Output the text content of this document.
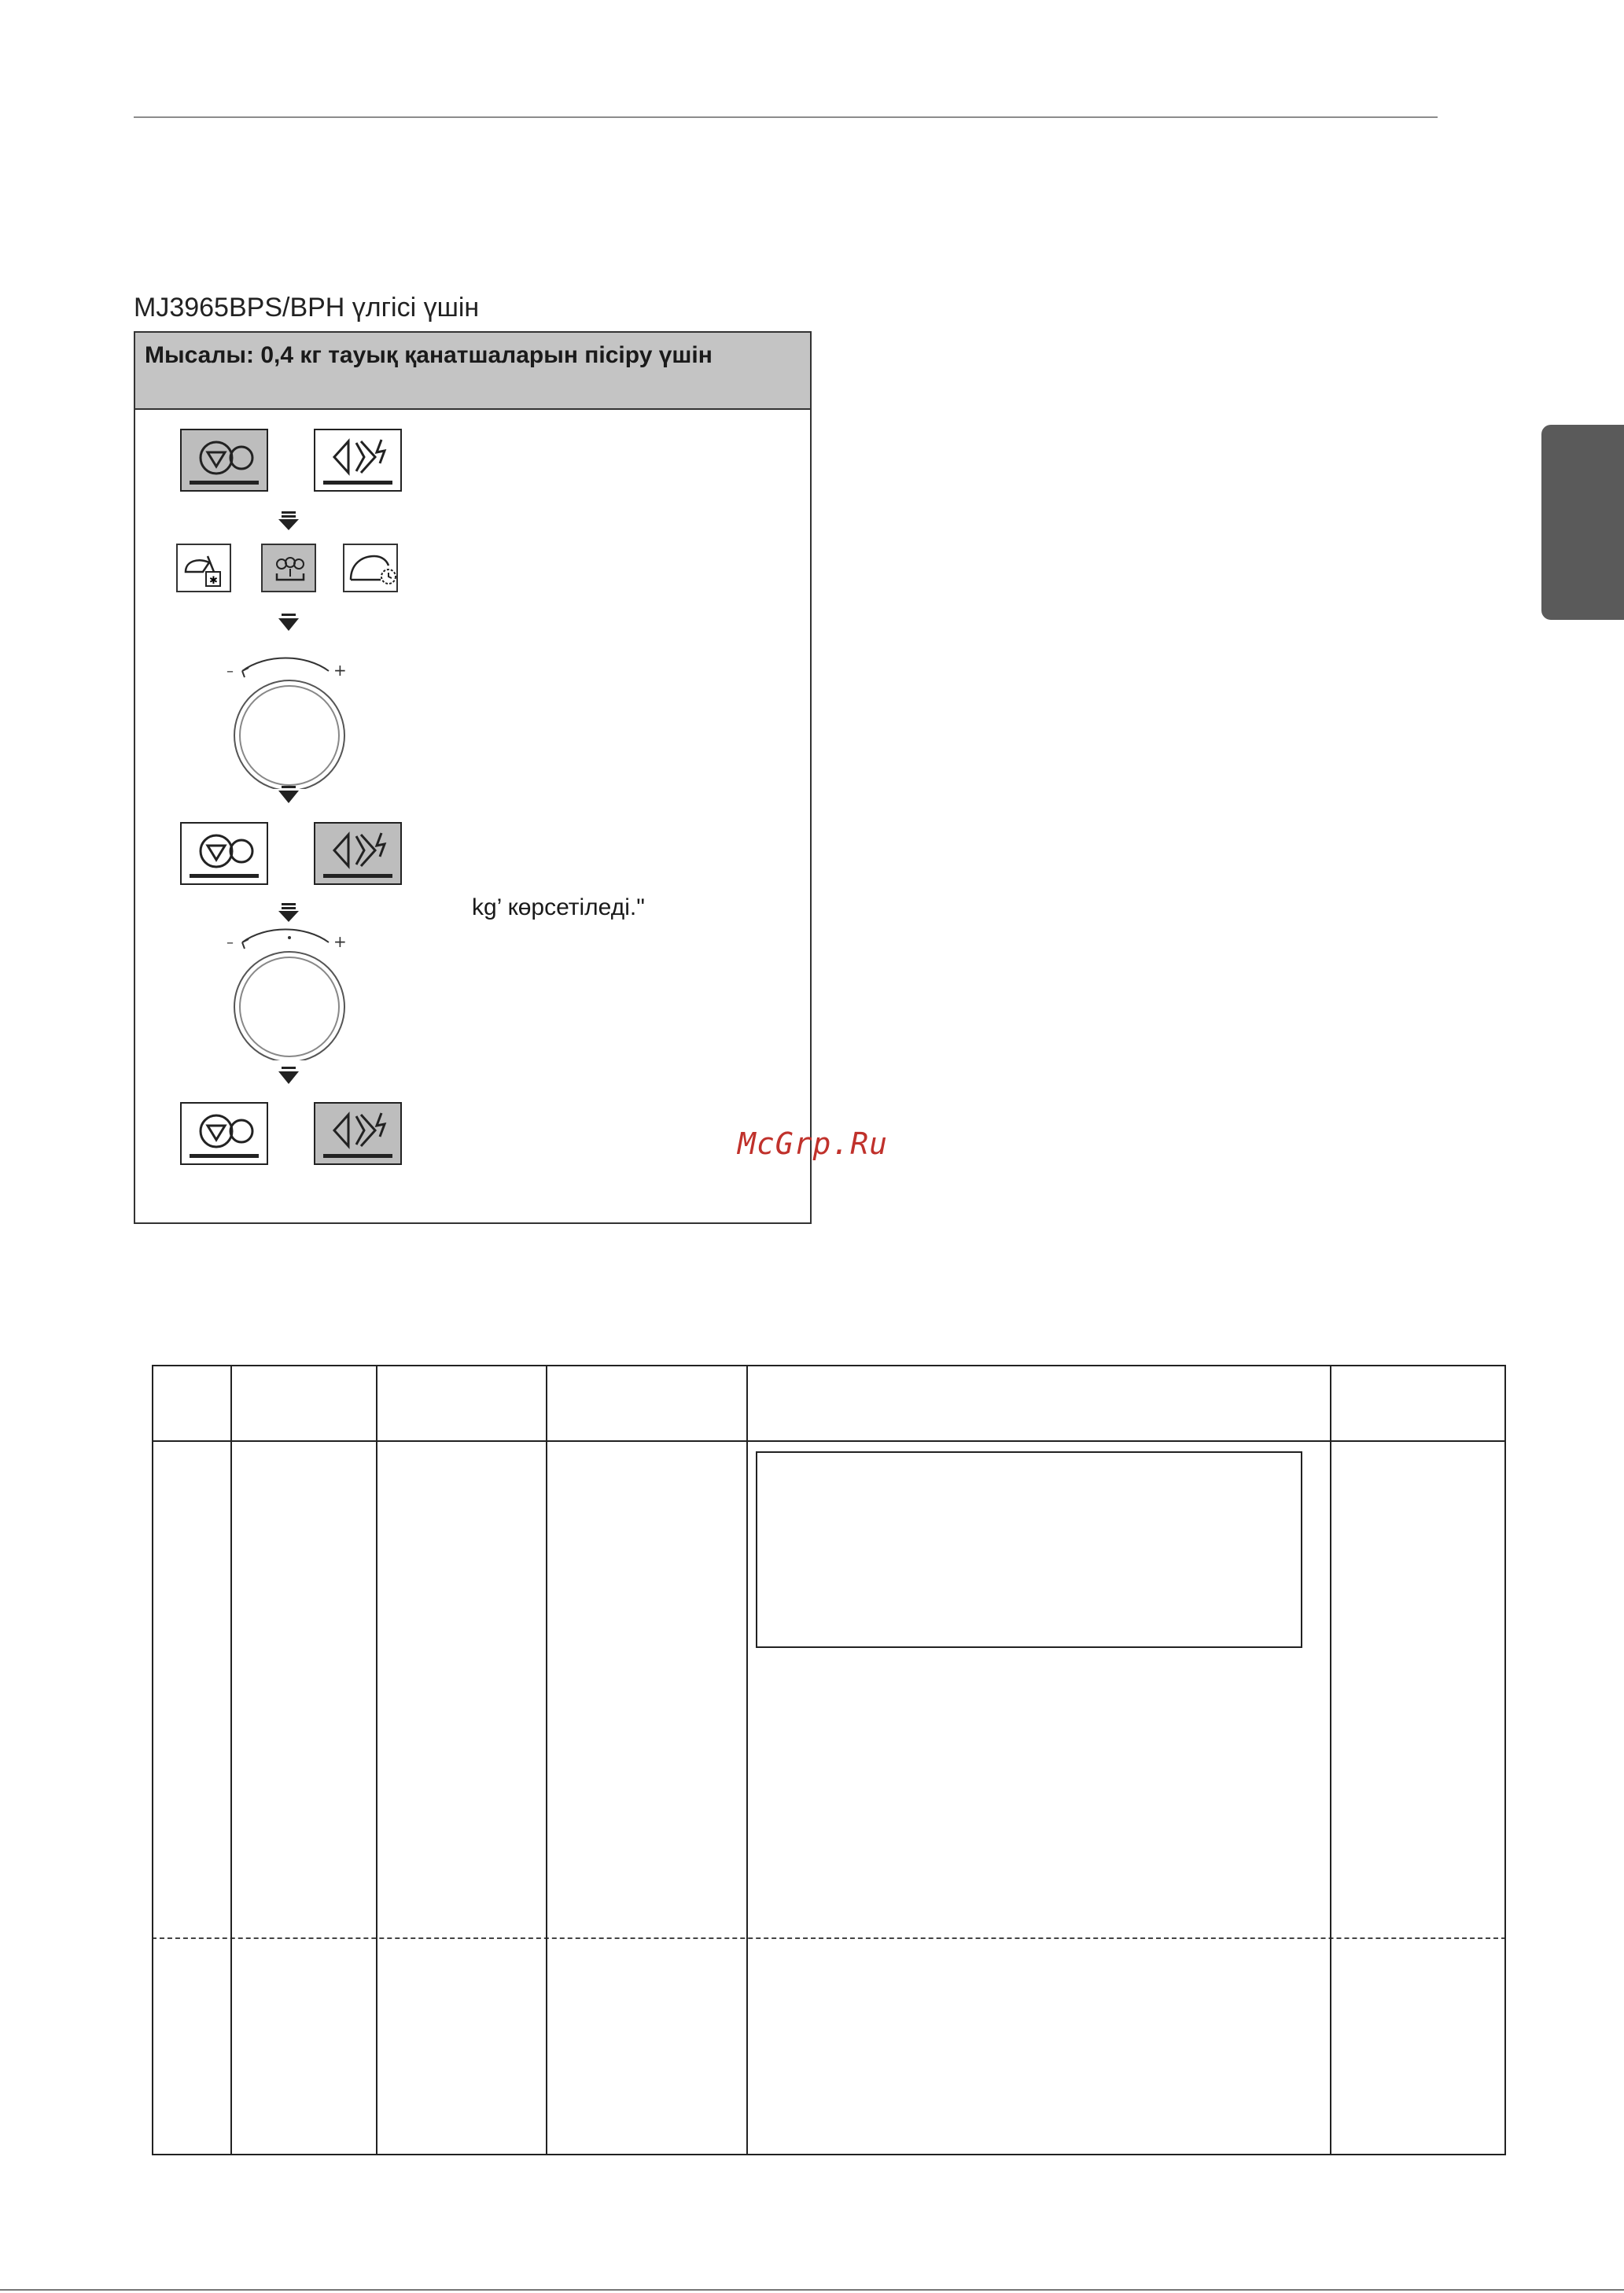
MJ3965BPS/BPH үлгісі үшін
Мысалы: 0,4 кг тауық қанатшаларын пісіру үшін
✱
–	+
kg’ көрсетіледі."
–	+
McGrp.Ru
